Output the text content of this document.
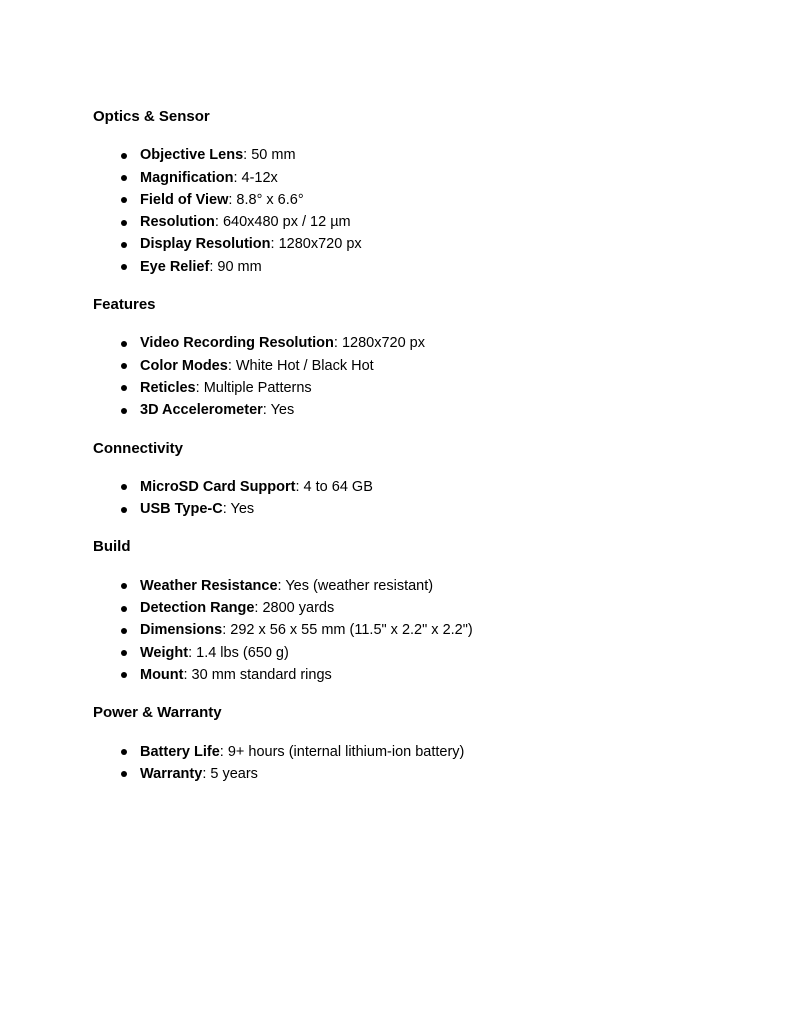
Optics & Sensor
Objective Lens: 50 mm
Magnification: 4-12x
Field of View: 8.8° x 6.6°
Resolution: 640x480 px / 12 µm
Display Resolution: 1280x720 px
Eye Relief: 90 mm
Features
Video Recording Resolution: 1280x720 px
Color Modes: White Hot / Black Hot
Reticles: Multiple Patterns
3D Accelerometer: Yes
Connectivity
MicroSD Card Support: 4 to 64 GB
USB Type-C: Yes
Build
Weather Resistance: Yes (weather resistant)
Detection Range: 2800 yards
Dimensions: 292 x 56 x 55 mm (11.5" x 2.2" x 2.2")
Weight: 1.4 lbs (650 g)
Mount: 30 mm standard rings
Power & Warranty
Battery Life: 9+ hours (internal lithium-ion battery)
Warranty: 5 years
